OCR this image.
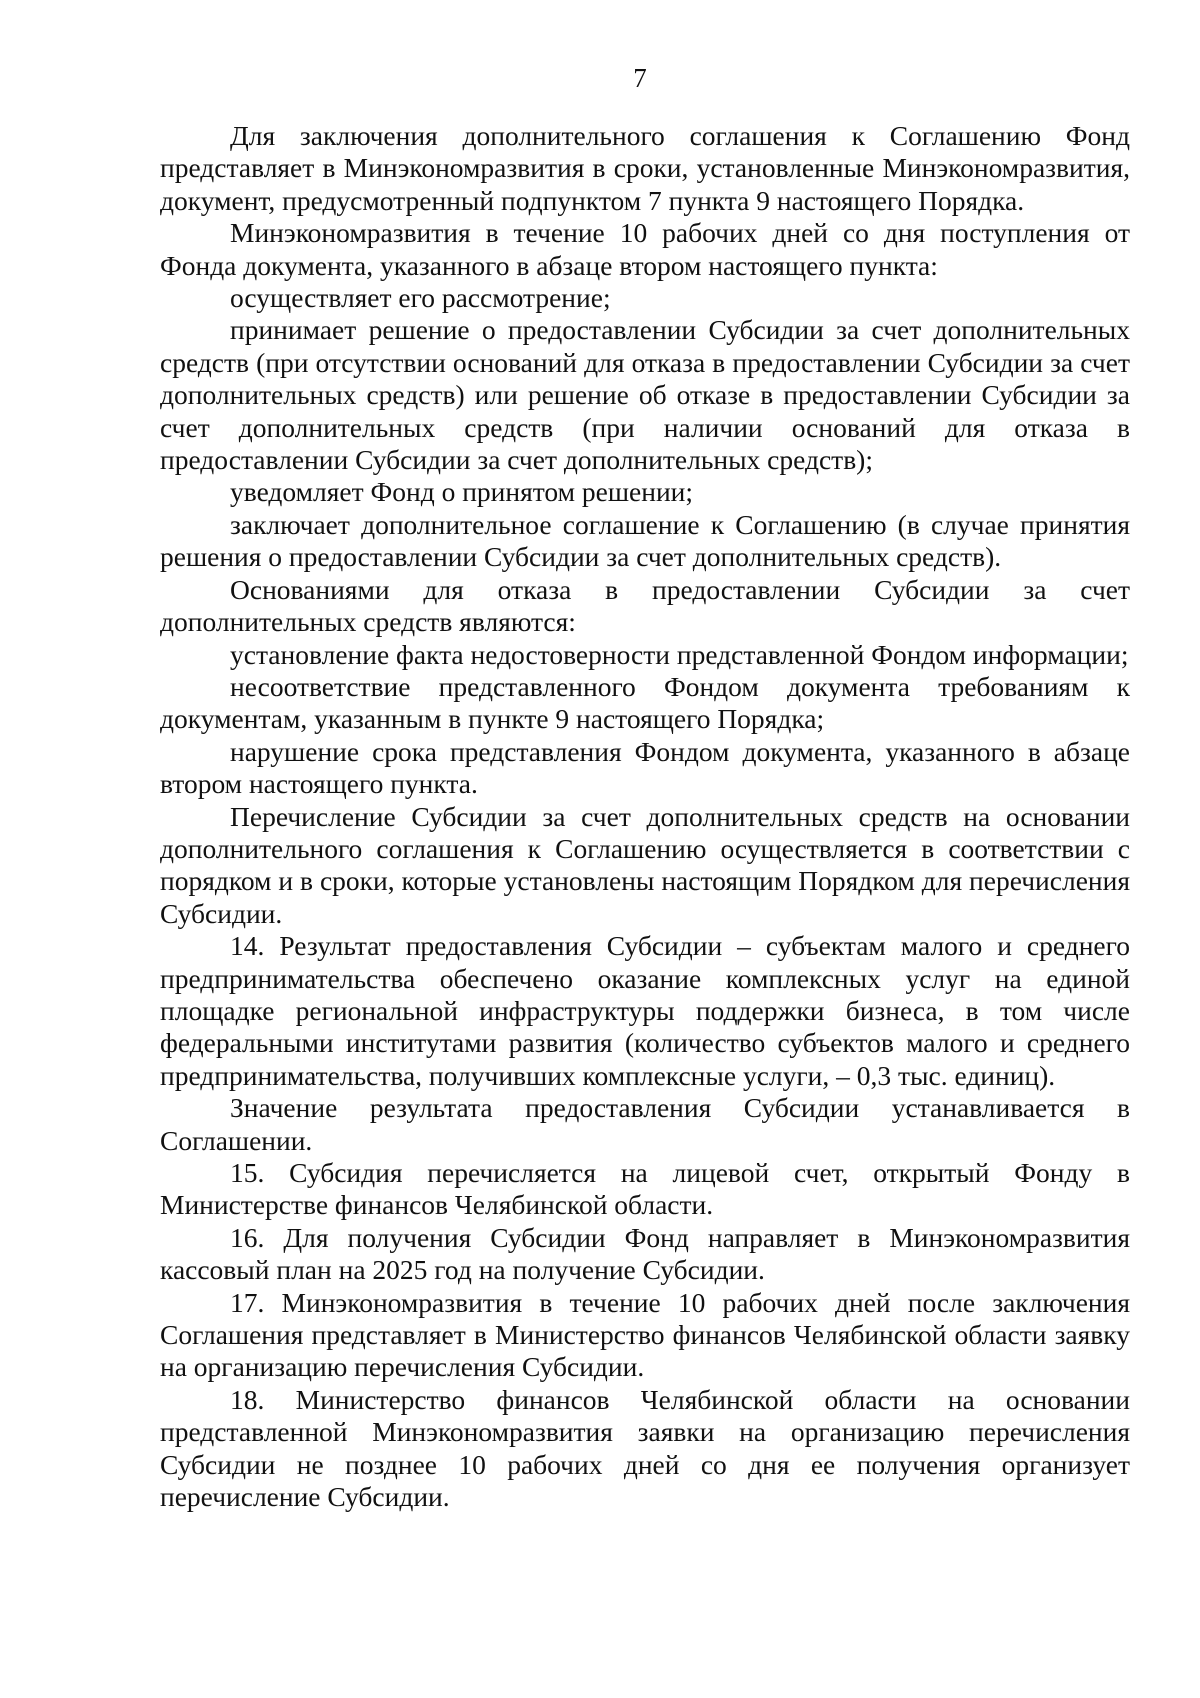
7

Для заключения дополнительного соглашения к Соглашению Фонд представляет в Минэкономразвития в сроки, установленные Минэкономразвития, документ, предусмотренный подпунктом 7 пункта 9 настоящего Порядка.

Минэкономразвития в течение 10 рабочих дней со дня поступления от Фонда документа, указанного в абзаце втором настоящего пункта:

осуществляет его рассмотрение;

принимает решение о предоставлении Субсидии за счет дополнительных средств (при отсутствии оснований для отказа в предоставлении Субсидии за счет дополнительных средств) или решение об отказе в предоставлении Субсидии за счет дополнительных средств (при наличии оснований для отказа в предоставлении Субсидии за счет дополнительных средств);

уведомляет Фонд о принятом решении;

заключает дополнительное соглашение к Соглашению (в случае принятия решения о предоставлении Субсидии за счет дополнительных средств).

Основаниями для отказа в предоставлении Субсидии за счет дополнительных средств являются:

установление факта недостоверности представленной Фондом информации;

несоответствие представленного Фондом документа требованиям к документам, указанным в пункте 9 настоящего Порядка;

нарушение срока представления Фондом документа, указанного в абзаце втором настоящего пункта.

Перечисление Субсидии за счет дополнительных средств на основании дополнительного соглашения к Соглашению осуществляется в соответствии с порядком и в сроки, которые установлены настоящим Порядком для перечисления Субсидии.

14. Результат предоставления Субсидии – субъектам малого и среднего предпринимательства обеспечено оказание комплексных услуг на единой площадке региональной инфраструктуры поддержки бизнеса, в том числе федеральными институтами развития (количество субъектов малого и среднего предпринимательства, получивших комплексные услуги, – 0,3 тыс. единиц).

Значение результата предоставления Субсидии устанавливается в Соглашении.

15. Субсидия перечисляется на лицевой счет, открытый Фонду в Министерстве финансов Челябинской области.

16. Для получения Субсидии Фонд направляет в Минэкономразвития кассовый план на 2025 год на получение Субсидии.

17. Минэкономразвития в течение 10 рабочих дней после заключения Соглашения представляет в Министерство финансов Челябинской области заявку на организацию перечисления Субсидии.

18. Министерство финансов Челябинской области на основании представленной Минэкономразвития заявки на организацию перечисления Субсидии не позднее 10 рабочих дней со дня ее получения организует перечисление Субсидии.
